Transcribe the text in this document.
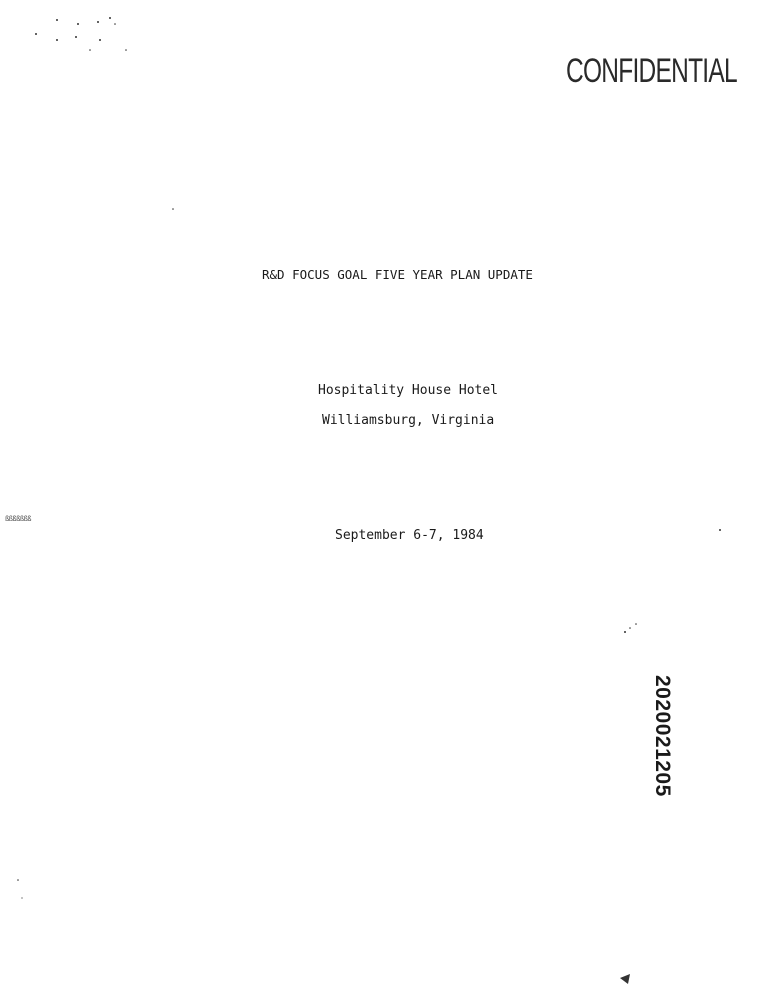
CONFIDENTIAL
R&D FOCUS GOAL FIVE YEAR PLAN UPDATE
Hospitality House Hotel
Williamsburg, Virginia
September 6-7, 1984
ßßßßßßß
2020021205
